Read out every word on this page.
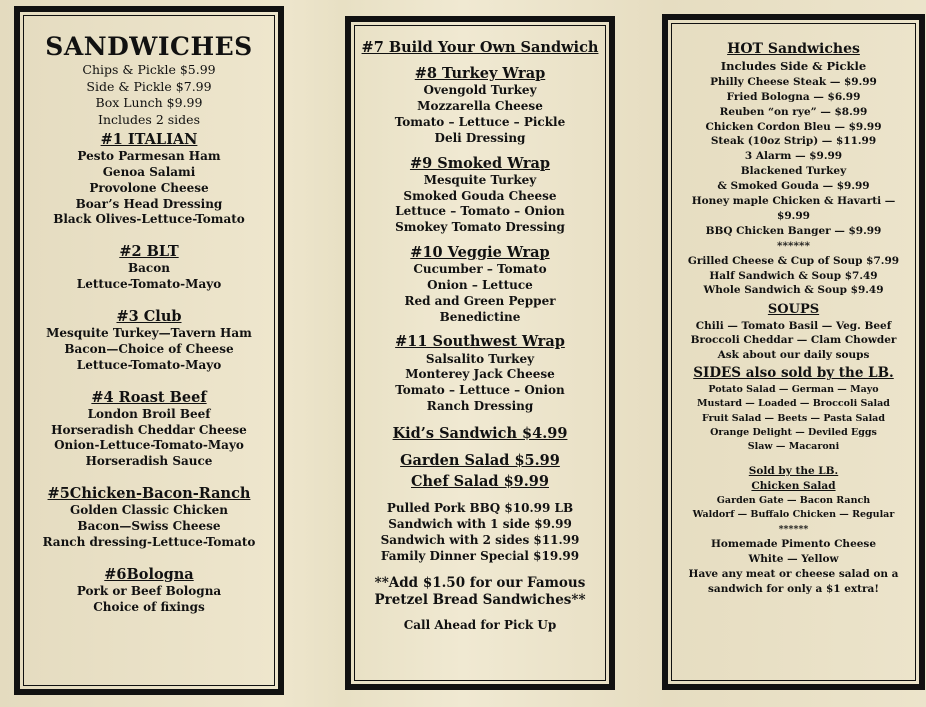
SANDWICHES
Chips & Pickle $5.99
Side & Pickle $7.99
Box Lunch $9.99
Includes 2 sides
#1 ITALIAN
Pesto Parmesan Ham
Genoa Salami
Provolone Cheese
Boar’s Head Dressing
Black Olives-Lettuce-Tomato
#2 BLT
Bacon
Lettuce-Tomato-Mayo
#3 Club
Mesquite Turkey—Tavern Ham
Bacon—Choice of Cheese
Lettuce-Tomato-Mayo
#4 Roast Beef
London Broil Beef
Horseradish Cheddar Cheese
Onion-Lettuce-Tomato-Mayo
Horseradish Sauce
#5Chicken-Bacon-Ranch
Golden Classic Chicken
Bacon—Swiss Cheese
Ranch dressing-Lettuce-Tomato
#6Bologna
Pork or Beef Bologna
Choice of fixings
#7 Build Your Own Sandwich
#8 Turkey Wrap
Ovengold Turkey
Mozzarella Cheese
Tomato – Lettuce – Pickle
Deli Dressing
#9 Smoked Wrap
Mesquite Turkey
Smoked Gouda Cheese
Lettuce – Tomato – Onion
Smokey Tomato Dressing
#10 Veggie Wrap
Cucumber – Tomato
Onion – Lettuce
Red and Green Pepper
Benedictine
#11 Southwest Wrap
Salsalito Turkey
Monterey Jack Cheese
Tomato – Lettuce – Onion
Ranch Dressing
Kid’s Sandwich $4.99
Garden Salad $5.99
Chef Salad $9.99
Pulled Pork BBQ $10.99 LB
Sandwich with 1 side $9.99
Sandwich with 2 sides $11.99
Family Dinner Special $19.99
**Add $1.50 for our Famous
Pretzel Bread Sandwiches**
Call Ahead for Pick Up
HOT Sandwiches
Includes Side & Pickle
Philly Cheese Steak — $9.99
Fried Bologna — $6.99
Reuben “on rye” — $8.99
Chicken Cordon Bleu — $9.99
Steak (10oz Strip) — $11.99
3 Alarm — $9.99
Blackened Turkey
& Smoked Gouda — $9.99
Honey maple Chicken & Havarti —
$9.99
BBQ Chicken Banger — $9.99
******
Grilled Cheese & Cup of Soup $7.99
Half Sandwich & Soup $7.49
Whole Sandwich & Soup $9.49
SOUPS
Chili — Tomato Basil — Veg. Beef
Broccoli Cheddar — Clam Chowder
Ask about our daily soups
SIDES also sold by the LB.
Potato Salad — German — Mayo
Mustard — Loaded — Broccoli Salad
Fruit Salad — Beets — Pasta Salad
Orange Delight — Deviled Eggs
Slaw — Macaroni
Sold by the LB.
Chicken Salad
Garden Gate — Bacon Ranch
Waldorf — Buffalo Chicken — Regular
******
Homemade Pimento Cheese
White — Yellow
Have any meat or cheese salad on a
sandwich for only a $1 extra!
